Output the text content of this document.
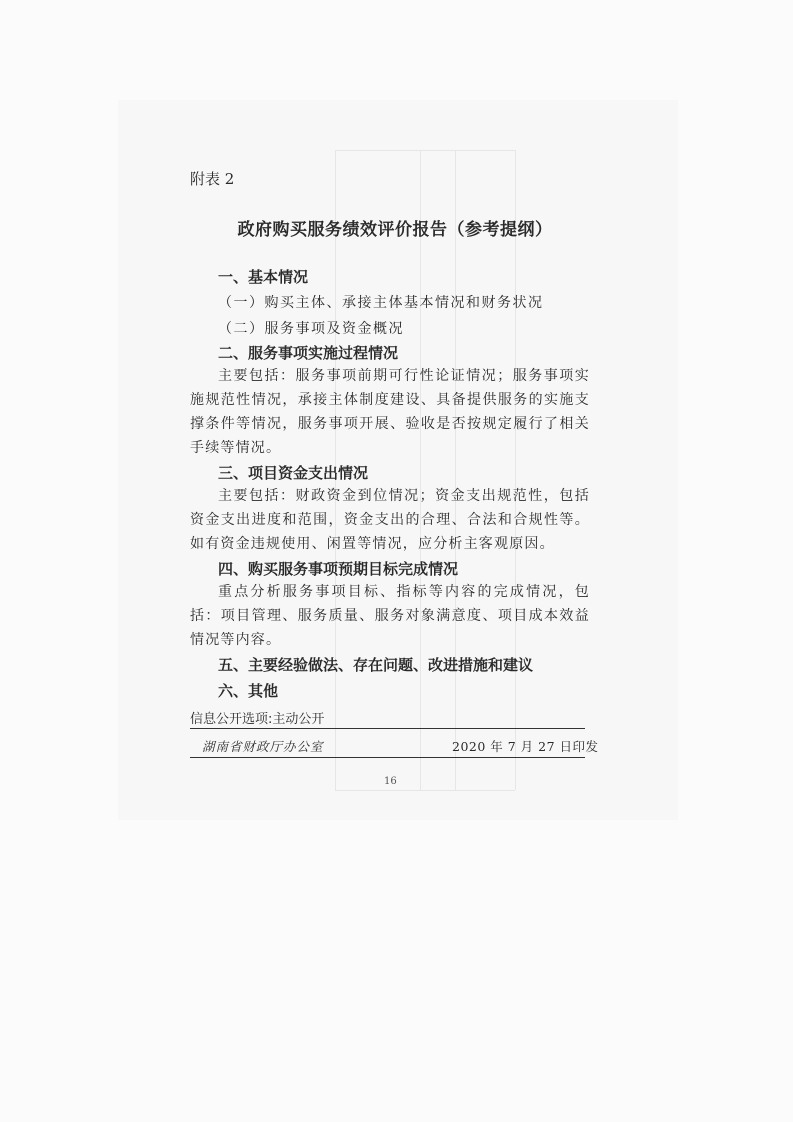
附表 2
政府购买服务绩效评价报告（参考提纲）
一、基本情况
（一）购买主体、承接主体基本情况和财务状况
（二）服务事项及资金概况
二、服务事项实施过程情况
主要包括：服务事项前期可行性论证情况；服务事项实施规范性情况，承接主体制度建设、具备提供服务的实施支撑条件等情况，服务事项开展、验收是否按规定履行了相关手续等情况。
三、项目资金支出情况
主要包括：财政资金到位情况；资金支出规范性，包括资金支出进度和范围，资金支出的合理、合法和合规性等。如有资金违规使用、闲置等情况，应分析主客观原因。
四、购买服务事项预期目标完成情况
重点分析服务事项目标、指标等内容的完成情况，包括：项目管理、服务质量、服务对象满意度、项目成本效益情况等内容。
五、主要经验做法、存在问题、改进措施和建议
六、其他
信息公开选项:主动公开
湖南省财政厅办公室	2020 年 7 月 27 日印发
16
